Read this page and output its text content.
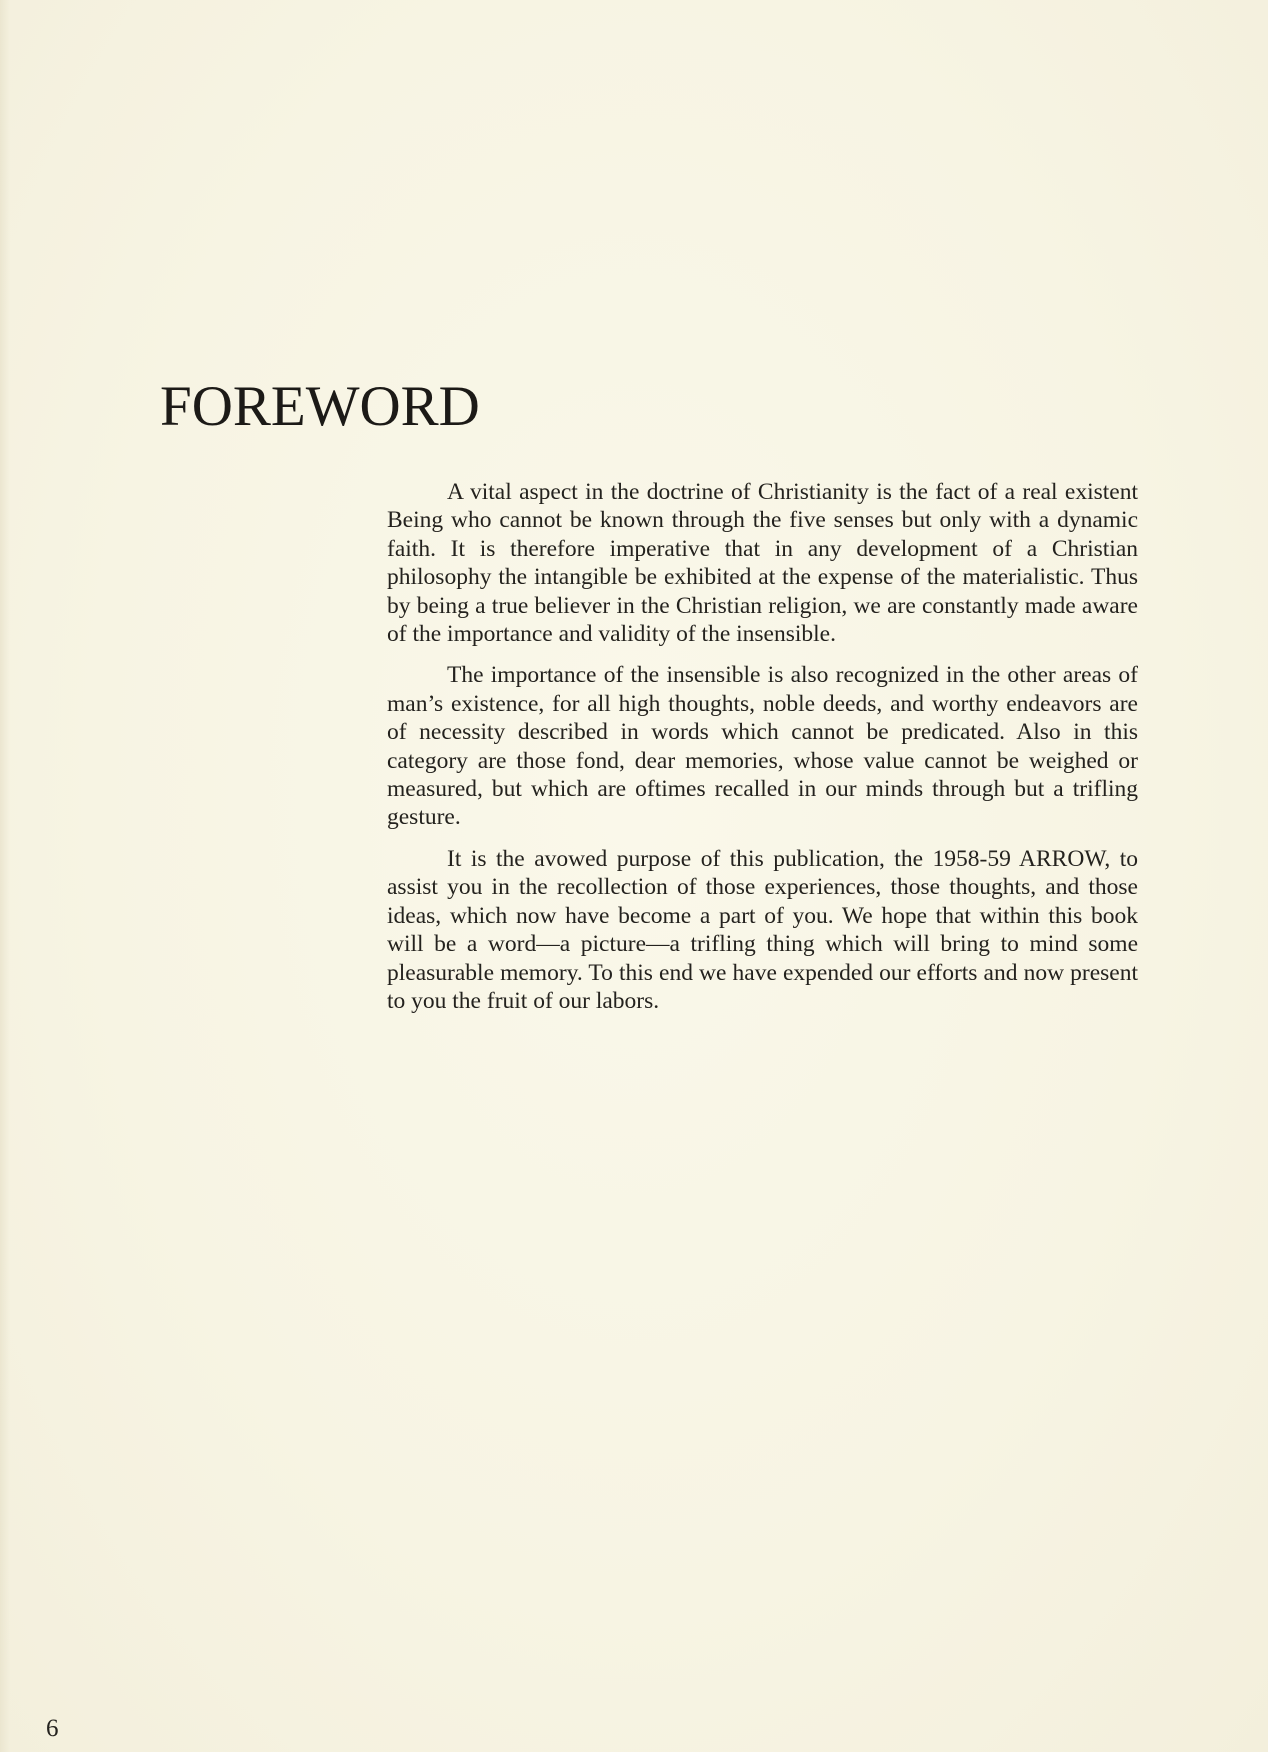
FOREWORD

A vital aspect in the doctrine of Christianity is the fact of a real existent Being who cannot be known through the five senses but only with a dynamic faith. It is therefore imperative that in any development of a Christian philosophy the intangible be exhibited at the expense of the materialistic. Thus by being a true believer in the Christian religion, we are constantly made aware of the importance and validity of the insensible.

The importance of the insensible is also recognized in the other areas of man’s existence, for all high thoughts, noble deeds, and worthy endeavors are of necessity described in words which cannot be predicated. Also in this category are those fond, dear memories, whose value cannot be weighed or measured, but which are oftimes recalled in our minds through but a trifling gesture.

It is the avowed purpose of this publication, the 1958-59 ARROW, to assist you in the recollection of those experiences, those thoughts, and those ideas, which now have become a part of you. We hope that within this book will be a word—a picture—a trifling thing which will bring to mind some pleasurable memory. To this end we have expended our efforts and now present to you the fruit of our labors.

6
